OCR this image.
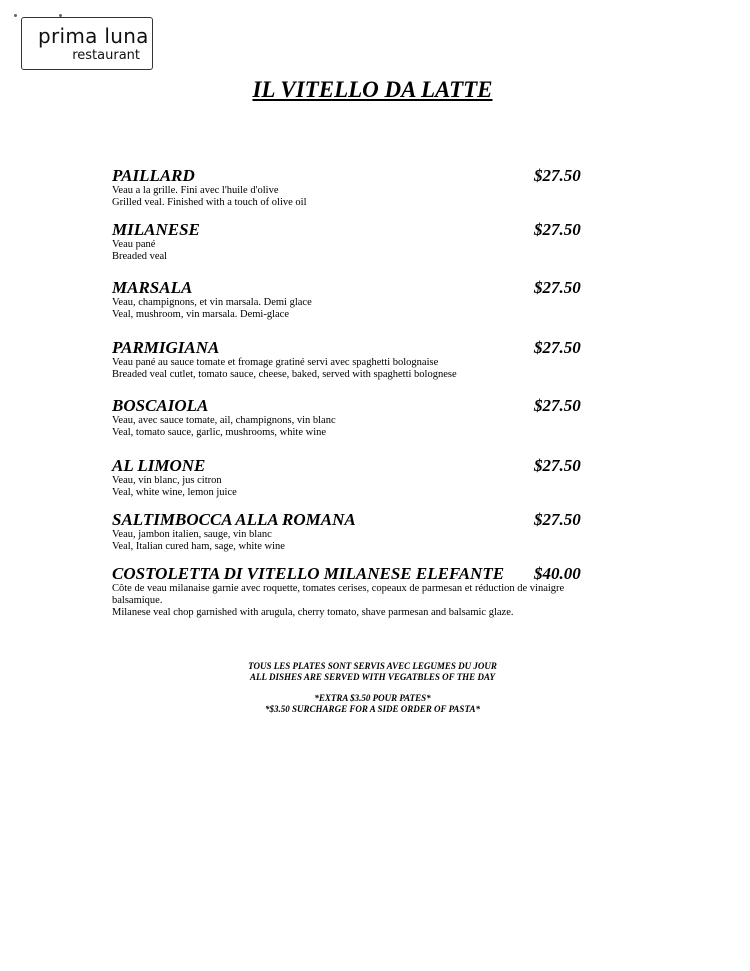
prima luna
restaurant
IL VITELLO DA LATTE
PAILLARD	$27.50
Veau a la grille. Fini avec l'huile d'olive
Grilled veal. Finished with a touch of olive oil
MILANESE	$27.50
Veau pané
Breaded veal
MARSALA	$27.50
Veau, champignons, et vin marsala. Demi glace
Veal, mushroom, vin marsala. Demi-glace
PARMIGIANA	$27.50
Veau pané au sauce tomate et fromage gratiné servi avec spaghetti bolognaise
Breaded veal cutlet, tomato sauce, cheese, baked, served with spaghetti bolognese
BOSCAIOLA	$27.50
Veau, avec sauce tomate, ail, champignons, vin blanc
Veal, tomato sauce, garlic, mushrooms, white wine
AL LIMONE	$27.50
Veau, vin blanc, jus citron
Veal, white wine, lemon juice
SALTIMBOCCA ALLA ROMANA	$27.50
Veau, jambon italien, sauge, vin blanc
Veal, Italian cured ham, sage, white wine
COSTOLETTA DI VITELLO MILANESE ELEFANTE	$40.00
Côte de veau milanaise garnie avec roquette, tomates cerises, copeaux de parmesan et réduction de vinaigre balsamique.
Milanese veal chop garnished with arugula, cherry tomato, shave parmesan and balsamic glaze.
TOUS LES PLATES SONT SERVIS AVEC LEGUMES DU JOUR
ALL DISHES ARE SERVED WITH VEGATBLES OF THE DAY
*EXTRA $3.50 POUR PATES*
*$3.50 SURCHARGE FOR A SIDE ORDER OF PASTA*
